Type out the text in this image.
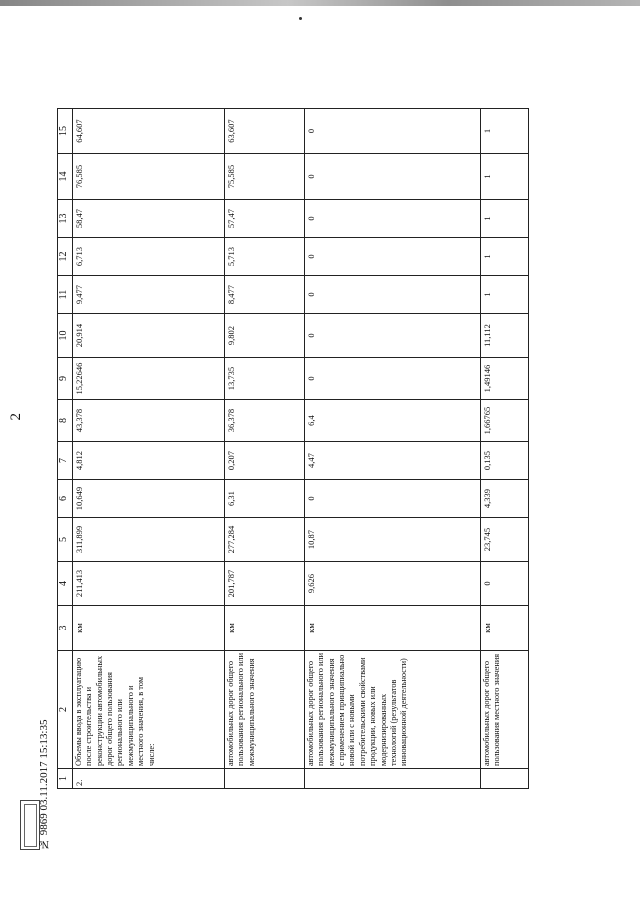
2
1	2	3	4	5	6	7	8	9	10	11	12	13	14	15
2.	Объемы ввода в эксплуатацию после строительства и реконструкции автомобильных дорог общего пользования регионального или межмуниципального и местного значения, в том числе:	км	211,413	311,899	10,649	4,812	43,378	15,22646	20,914	9,477	6,713	58,47	76,585	64,607
	автомобильных дорог общего пользования регионального или межмуниципального значения	км	201,787	277,284	6,31	0,207	36,378	13,735	9,802	8,477	5,713	57,47	75,585	63,607
	автомобильных дорог общего пользования регионального или межмуниципального значения с применением принципиально новой или с новыми потребительскими свойствами продукции, новых или модернизированных технологий (результатов инновационной деятельности)	км	9,626	10,87	0	4,47	6,4	0	0	0	0	0	0	0
	автомобильных дорог общего пользования местного значения	км	0	23,745	4,339	0,135	1,66765	1,49146	11,112	1	1	1	1	1
№ 9869 03.11.2017 15:13:35
